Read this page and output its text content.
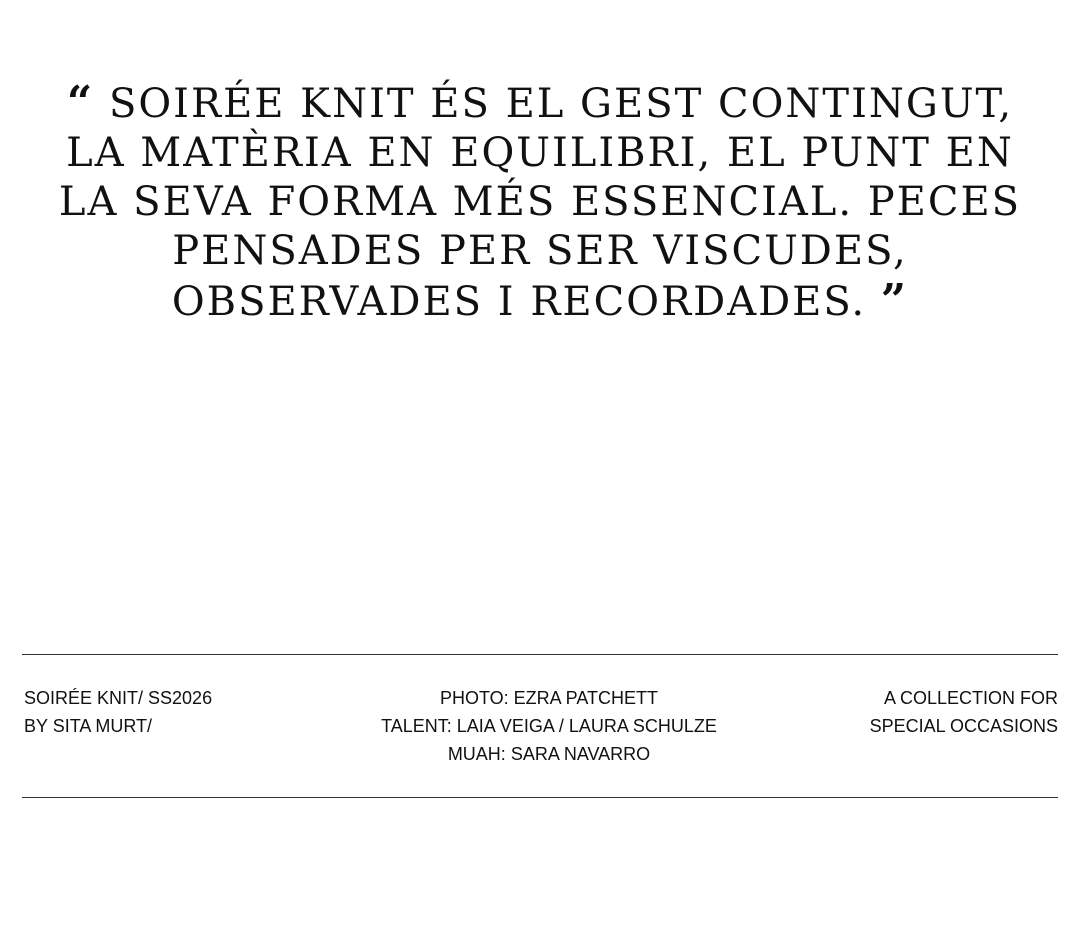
“ SOIRÉE KNIT ÉS EL GEST CONTINGUT,
LA MATÈRIA EN EQUILIBRI, EL PUNT EN
LA SEVA FORMA MÉS ESSENCIAL. PECES
PENSADES PER SER VISCUDES,
OBSERVADES I RECORDADES. ”
SOIRÉE KNIT/ SS2026
BY SITA MURT/
PHOTO: EZRA PATCHETT
TALENT: LAIA VEIGA / LAURA SCHULZE
MUAH: SARA NAVARRO
A COLLECTION FOR
SPECIAL OCCASIONS
